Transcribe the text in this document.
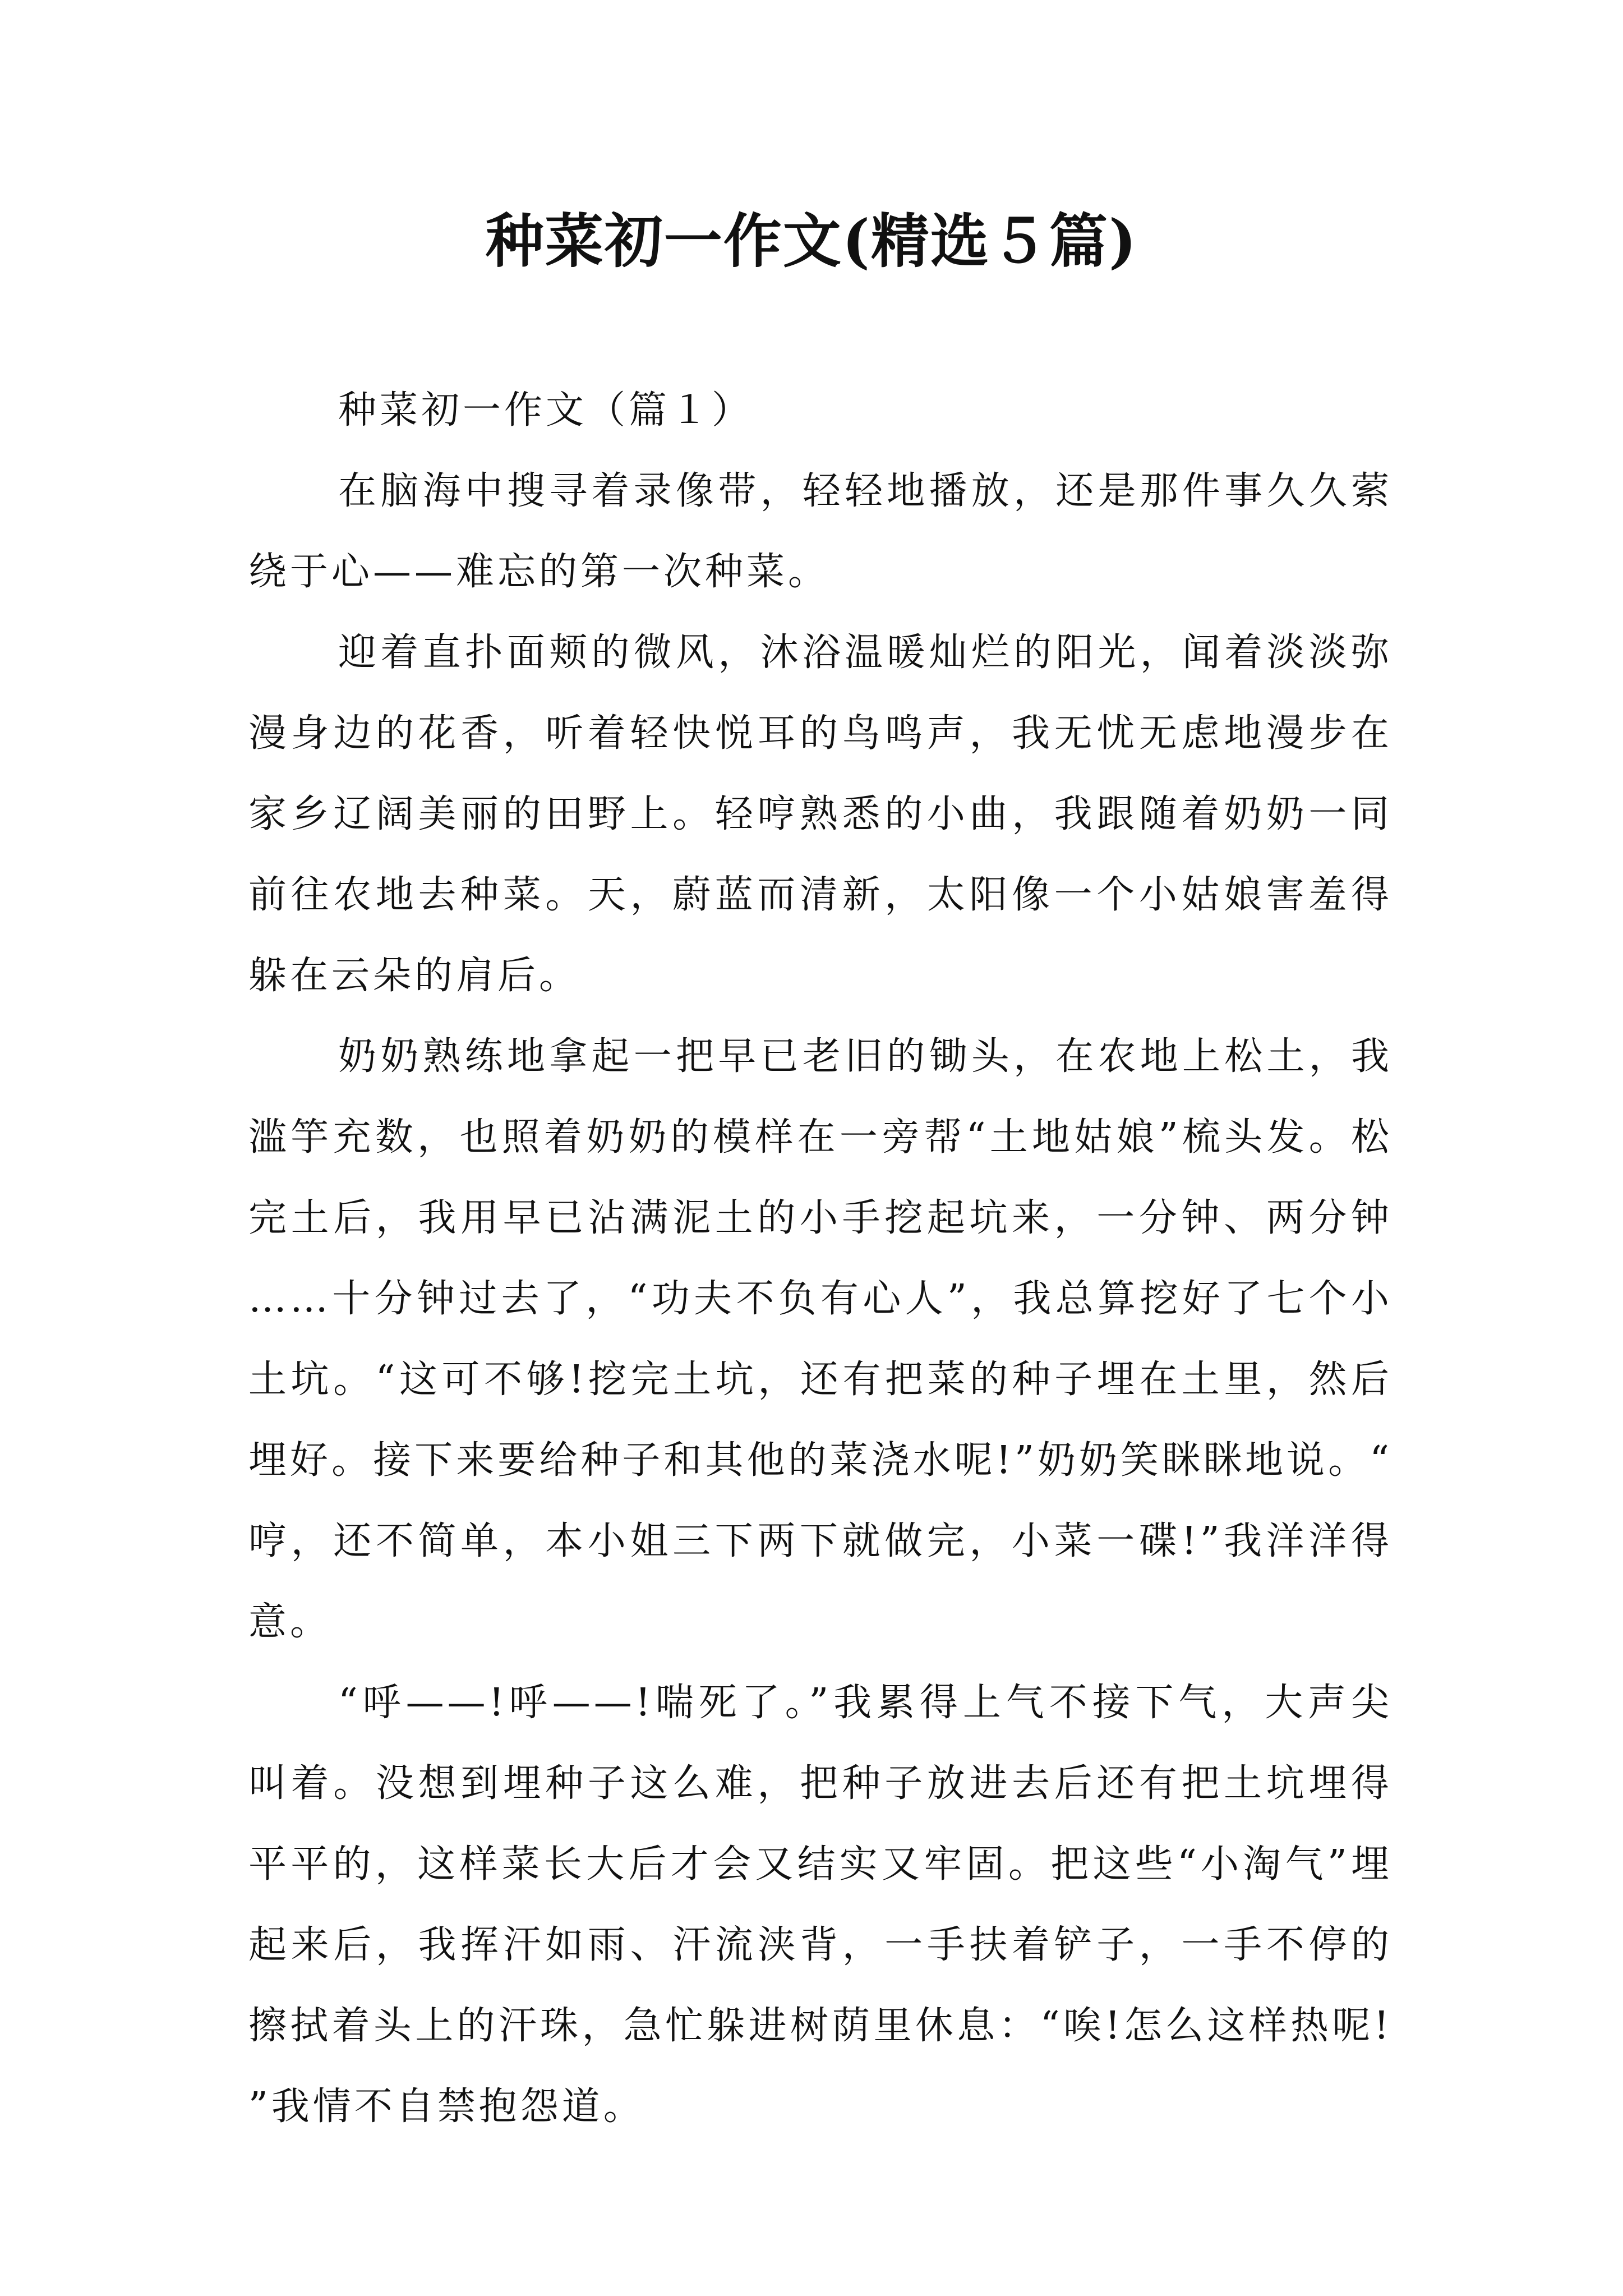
种菜初一作文(精选５篇)
种菜初一作文（篇１）

在脑海中搜寻着录像带，轻轻地播放，还是那件事久久萦绕于心——难忘的第一次种菜。

迎着直扑面颊的微风，沐浴温暖灿烂的阳光，闻着淡淡弥漫身边的花香，听着轻快悦耳的鸟鸣声，我无忧无虑地漫步在家乡辽阔美丽的田野上。轻哼熟悉的小曲，我跟随着奶奶一同前往农地去种菜。天，蔚蓝而清新，太阳像一个小姑娘害羞得躲在云朵的肩后。

奶奶熟练地拿起一把早已老旧的锄头，在农地上松土，我滥竽充数，也照着奶奶的模样在一旁帮“土地姑娘”梳头发。松完土后，我用早已沾满泥土的小手挖起坑来，一分钟、两分钟……十分钟过去了，“功夫不负有心人”，我总算挖好了七个小土坑。“这可不够!挖完土坑，还有把菜的种子埋在土里，然后埋好。接下来要给种子和其他的菜浇水呢!”奶奶笑眯眯地说。“哼，还不简单，本小姐三下两下就做完，小菜一碟!”我洋洋得意。

“呼——!呼——!喘死了。”我累得上气不接下气，大声尖叫着。没想到埋种子这么难，把种子放进去后还有把土坑埋得平平的，这样菜长大后才会又结实又牢固。把这些“小淘气”埋起来后，我挥汗如雨、汗流浃背，一手扶着铲子，一手不停的擦拭着头上的汗珠，急忙躲进树荫里休息：“唉!怎么这样热呢!”我情不自禁抱怨道。
